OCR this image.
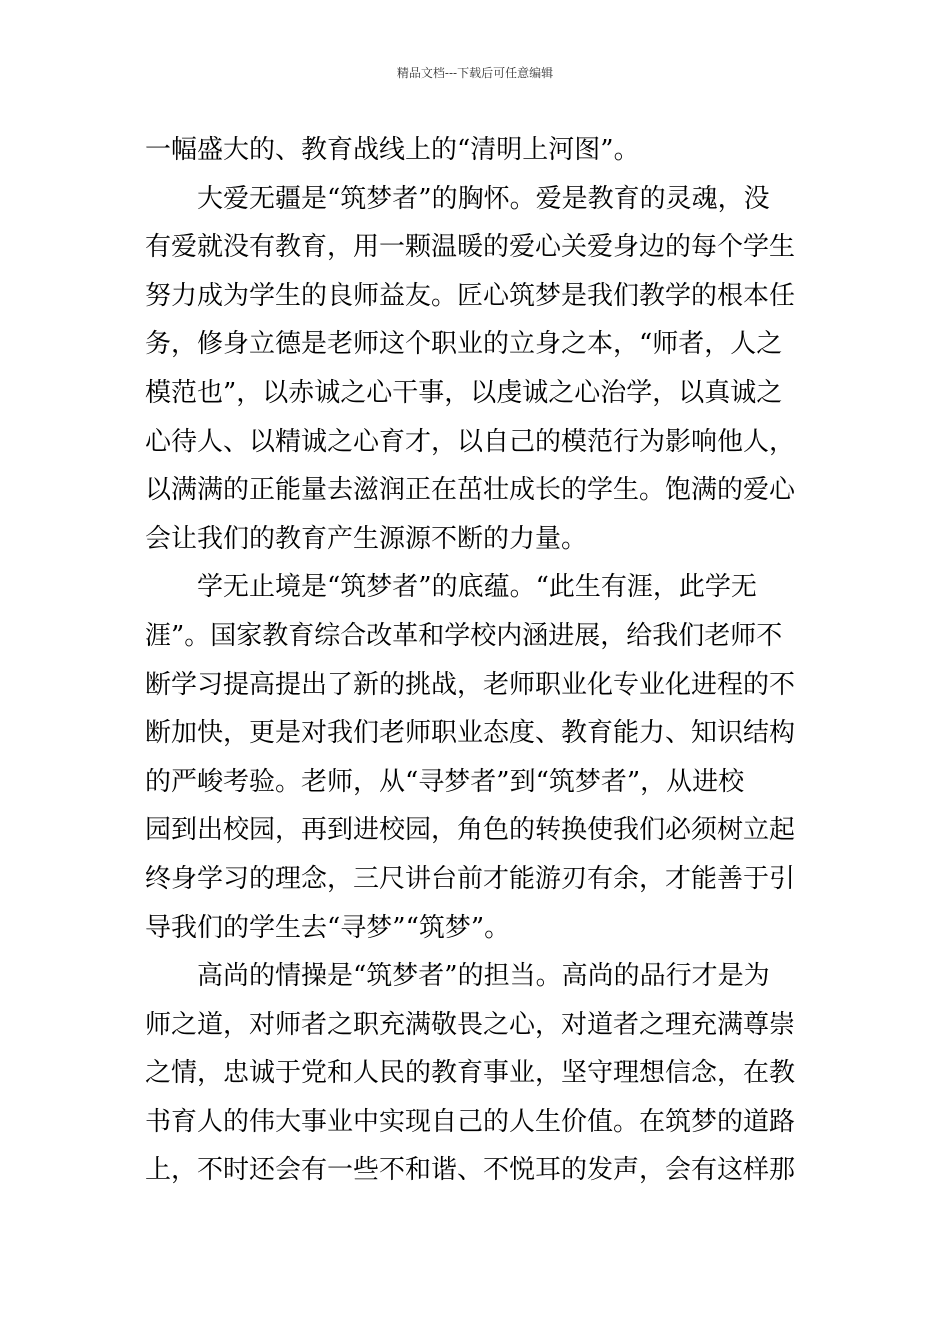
精品文档---下载后可任意编辑
一幅盛大的、教育战线上的“清明上河图”。
大爱无疆是“筑梦者”的胸怀。爱是教育的灵魂，没
有爱就没有教育，用一颗温暖的爱心关爱身边的每个学生
努力成为学生的良师益友。匠心筑梦是我们教学的根本任
务，修身立德是老师这个职业的立身之本，“师者，人之
模范也”，以赤诚之心干事，以虔诚之心治学，以真诚之
心待人、以精诚之心育才，以自己的模范行为影响他人，
以满满的正能量去滋润正在茁壮成长的学生。饱满的爱心
会让我们的教育产生源源不断的力量。
学无止境是“筑梦者”的底蕴。“此生有涯，此学无
涯”。国家教育综合改革和学校内涵进展，给我们老师不
断学习提高提出了新的挑战，老师职业化专业化进程的不
断加快，更是对我们老师职业态度、教育能力、知识结构
的严峻考验。老师，从“寻梦者”到“筑梦者”，从进校
园到出校园，再到进校园，角色的转换使我们必须树立起
终身学习的理念，三尺讲台前才能游刃有余，才能善于引
导我们的学生去“寻梦”“筑梦”。
高尚的情操是“筑梦者”的担当。高尚的品行才是为
师之道，对师者之职充满敬畏之心，对道者之理充满尊崇
之情，忠诚于党和人民的教育事业，坚守理想信念，在教
书育人的伟大事业中实现自己的人生价值。在筑梦的道路
上，不时还会有一些不和谐、不悦耳的发声，会有这样那
